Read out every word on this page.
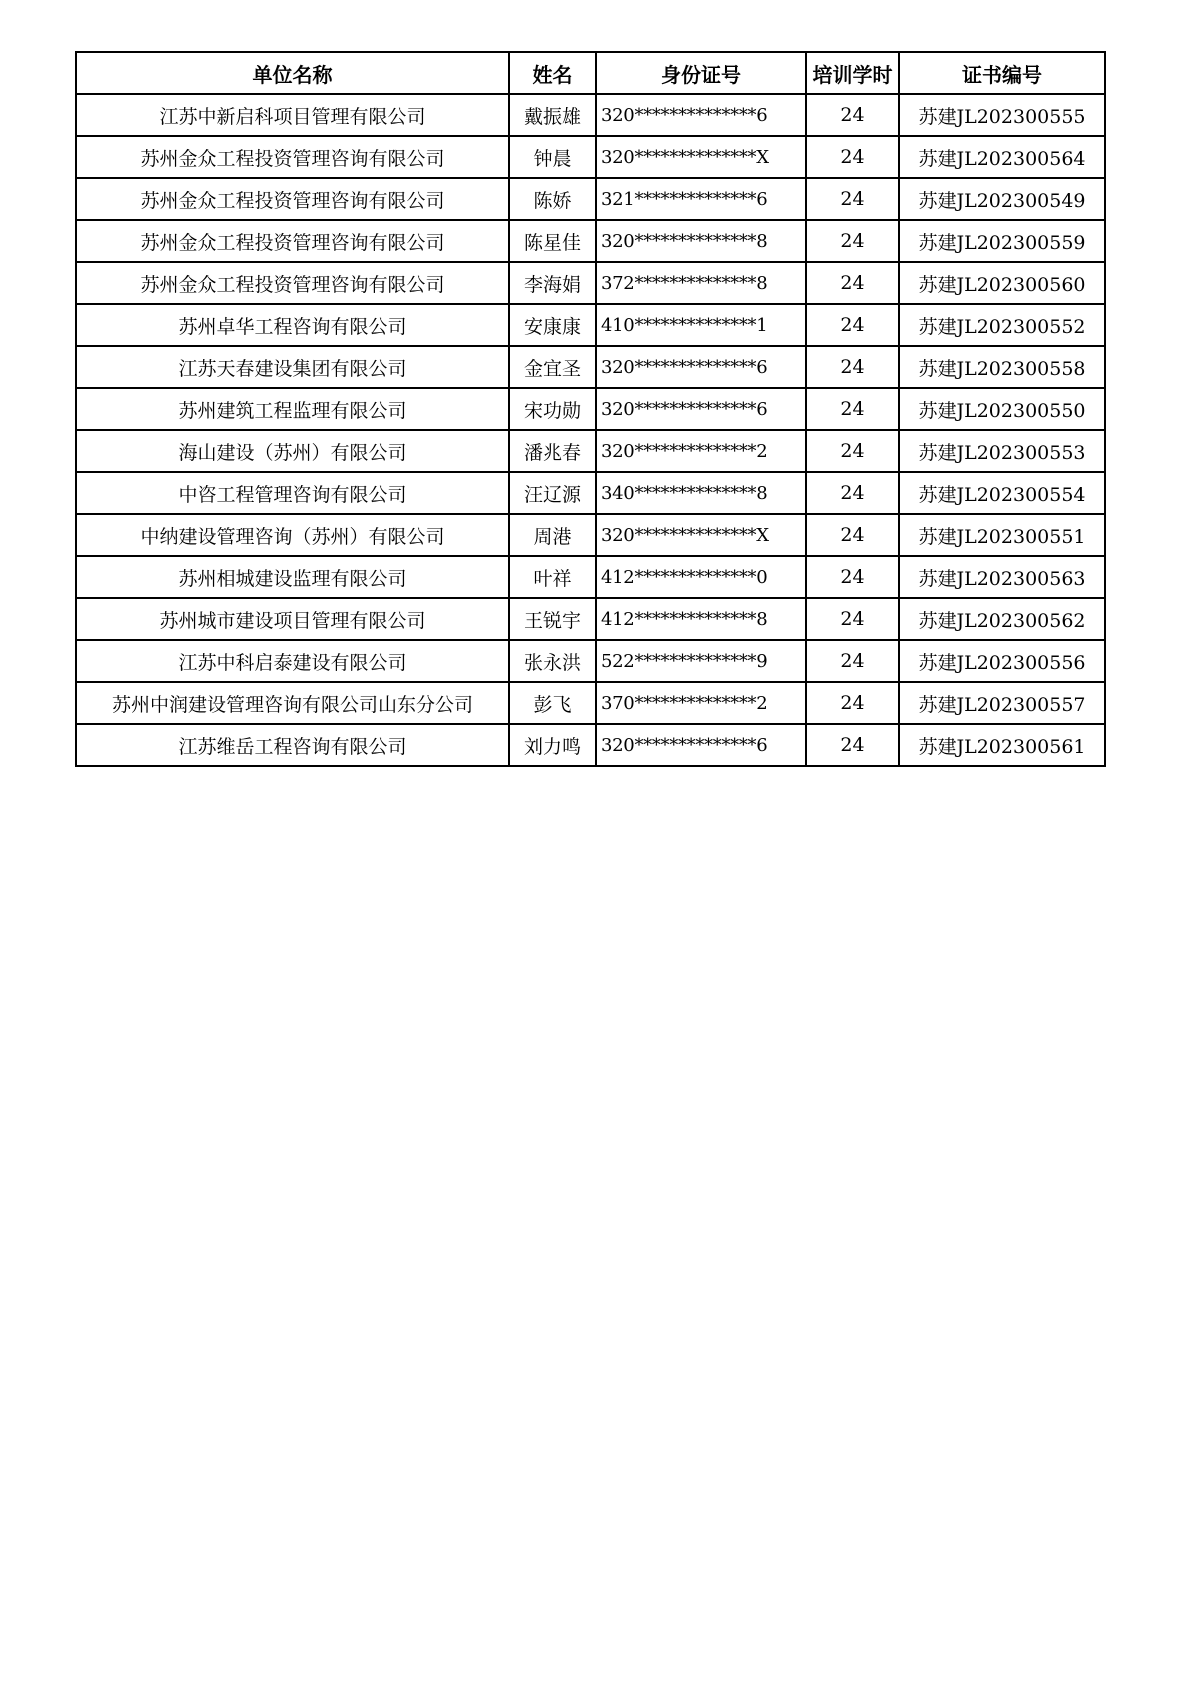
单位名称	姓名	身份证号	培训学时	证书编号
江苏中新启科项目管理有限公司	戴振雄	320**************6	24	苏建JL202300555
苏州金众工程投资管理咨询有限公司	钟晨	320**************X	24	苏建JL202300564
苏州金众工程投资管理咨询有限公司	陈娇	321**************6	24	苏建JL202300549
苏州金众工程投资管理咨询有限公司	陈星佳	320**************8	24	苏建JL202300559
苏州金众工程投资管理咨询有限公司	李海娟	372**************8	24	苏建JL202300560
苏州卓华工程咨询有限公司	安康康	410**************1	24	苏建JL202300552
江苏天春建设集团有限公司	金宜圣	320**************6	24	苏建JL202300558
苏州建筑工程监理有限公司	宋功勋	320**************6	24	苏建JL202300550
海山建设（苏州）有限公司	潘兆春	320**************2	24	苏建JL202300553
中咨工程管理咨询有限公司	汪辽源	340**************8	24	苏建JL202300554
中纳建设管理咨询（苏州）有限公司	周港	320**************X	24	苏建JL202300551
苏州相城建设监理有限公司	叶祥	412**************0	24	苏建JL202300563
苏州城市建设项目管理有限公司	王锐宇	412**************8	24	苏建JL202300562
江苏中科启泰建设有限公司	张永洪	522**************9	24	苏建JL202300556
苏州中润建设管理咨询有限公司山东分公司	彭飞	370**************2	24	苏建JL202300557
江苏维岳工程咨询有限公司	刘力鸣	320**************6	24	苏建JL202300561
